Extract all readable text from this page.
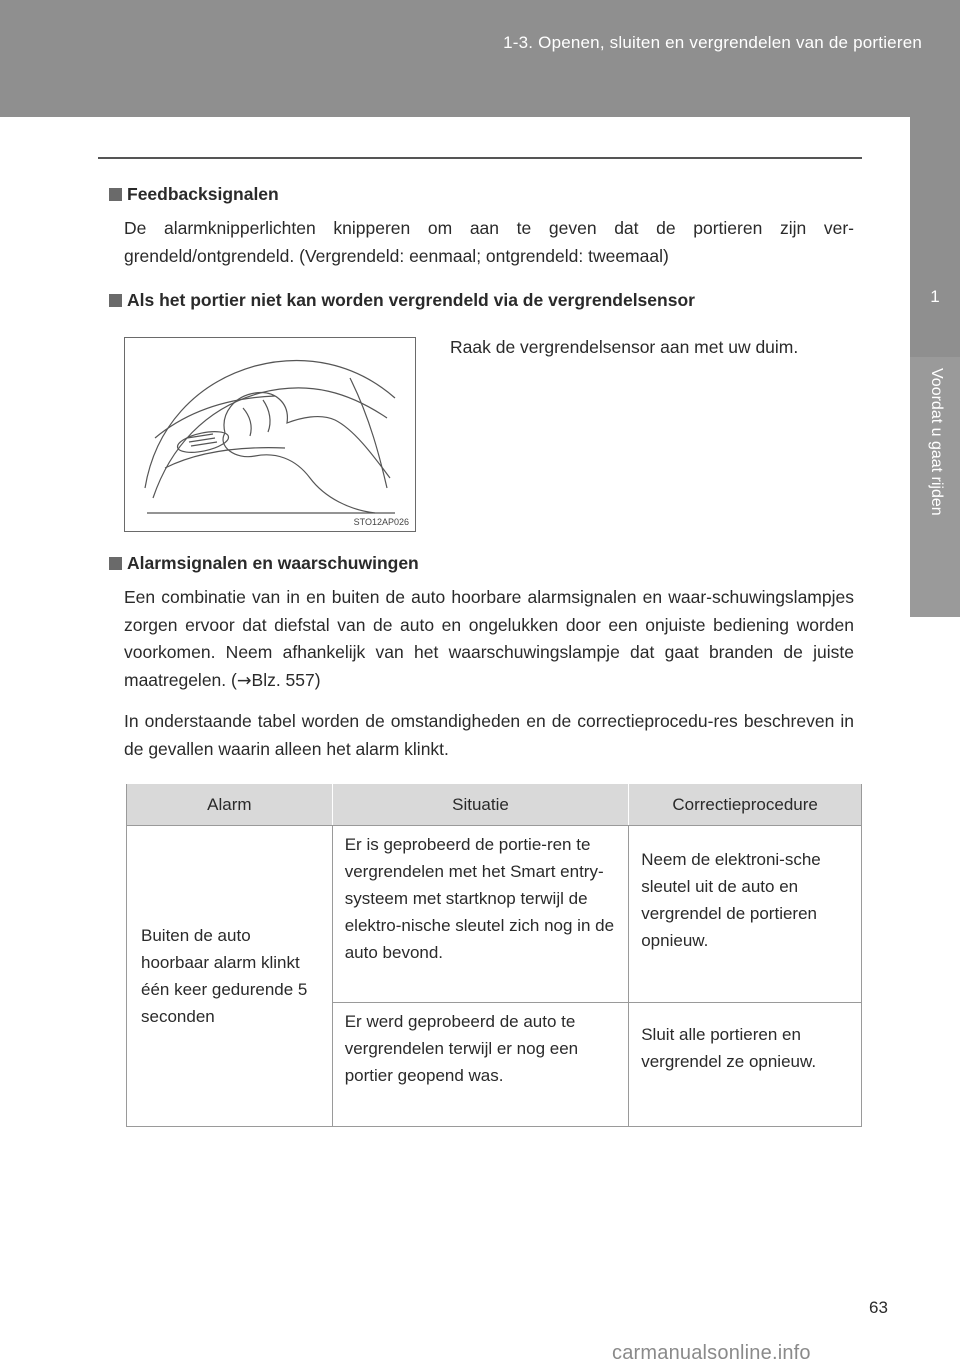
1-3. Openen, sluiten en vergrendelen van de portieren
1
Voordat u gaat rijden
Feedbacksignalen
De alarmknipperlichten knipperen om aan te geven dat de portieren zijn ver-grendeld/ontgrendeld. (Vergrendeld: eenmaal; ontgrendeld: tweemaal)
Als het portier niet kan worden vergrendeld via de vergrendelsensor
STO12AP026
Raak de vergrendelsensor aan met uw duim.
Alarmsignalen en waarschuwingen
Een combinatie van in en buiten de auto hoorbare alarmsignalen en waar-schuwingslampjes zorgen ervoor dat diefstal van de auto en ongelukken door een onjuiste bediening worden voorkomen. Neem afhankelijk van het waarschuwingslampje dat gaat branden de juiste maatregelen. (→Blz. 557)
In onderstaande tabel worden de omstandigheden en de correctieprocedu-res beschreven in de gevallen waarin alleen het alarm klinkt.
Alarm	Situatie	Correctieprocedure
Buiten de auto hoorbaar alarm klinkt één keer gedurende 5 seconden	Er is geprobeerd de portie-ren te vergrendelen met het Smart entry-systeem met startknop terwijl de elektro-nische sleutel zich nog in de auto bevond.	Neem de elektroni-sche sleutel uit de auto en vergrendel de portieren opnieuw.
	Er werd geprobeerd de auto te vergrendelen terwijl er nog een portier geopend was.	Sluit alle portieren en vergrendel ze opnieuw.
63
carmanualsonline.info
